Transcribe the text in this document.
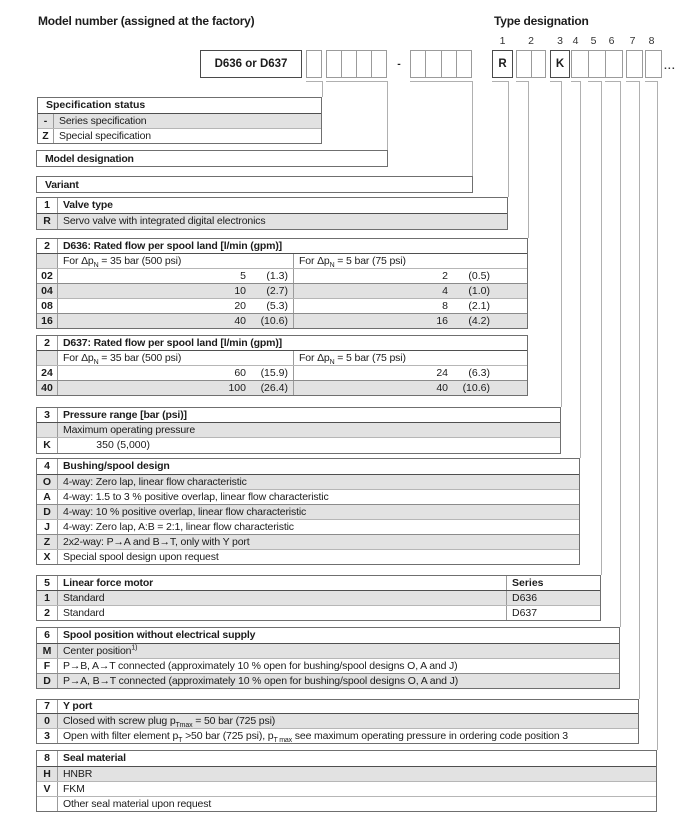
Model number (assigned at the factory)	Type designation
1	2	3 4	5	6	7	8
D636 or D637	-	R	K	...
Specification status
-	Series specification
Z Special specification
Model designation
Variant
1	Valve type
R	Servo valve with integrated digital electronics
2	D636: Rated flow per spool land [l/min (gpm)]
For $\Delta p_N = 35$ bar (500 psi)	For $\Delta p_N = 5$ bar (75 psi)
02	5	(1.3)	2	(0.5)
04	10	(2.7)	4	(1.0)
08	20	(5.3)	8	(2.1)
16	40	(10.6)	16	(4.2)
2	D637: Rated flow per spool land [l/min (gpm)]
For $\Delta p_N = 35$ bar (500 psi)	For $\Delta p_N = 5$ bar (75 psi)
24	60	(15.9)	24	(6.3)
40	100	(26.4)	40	(10.6)
3	Pressure range [bar (psi)]
Maximum operating pressure
K	350 (5,000)
4	Bushing/spool design
O	4-way: Zero lap, linear flow characteristic
A	4-way: 1.5 to 3 % positive overlap, linear flow characteristic
D	4-way: 10 % positive overlap, linear flow characteristic
J	4-way: Zero lap, A:B = 2:1, linear flow characteristic
Z	2x2-way: P→A and B→T, only with Y port
X	Special spool design upon request
5	Linear force motor	Series
1	Standard	D636
2	Standard	D637
6	Spool position without electrical supply
M	Center position$^{1)}$
F	P→B, A→T connected (approximately 10 % open for bushing/spool designs O, A and J)
D	P→A, B→T connected (approximately 10 % open for bushing/spool designs O, A and J)
7	Y port
0	Closed with screw plug $p_{Tmax} = 50$ bar (725 psi)
3	Open with filter element $p_T >50$ bar (725 psi), $p_{T max}$ see maximum operating pressure in ordering code position 3
8	Seal material
H	HNBR
V	FKM
Other seal material upon request
